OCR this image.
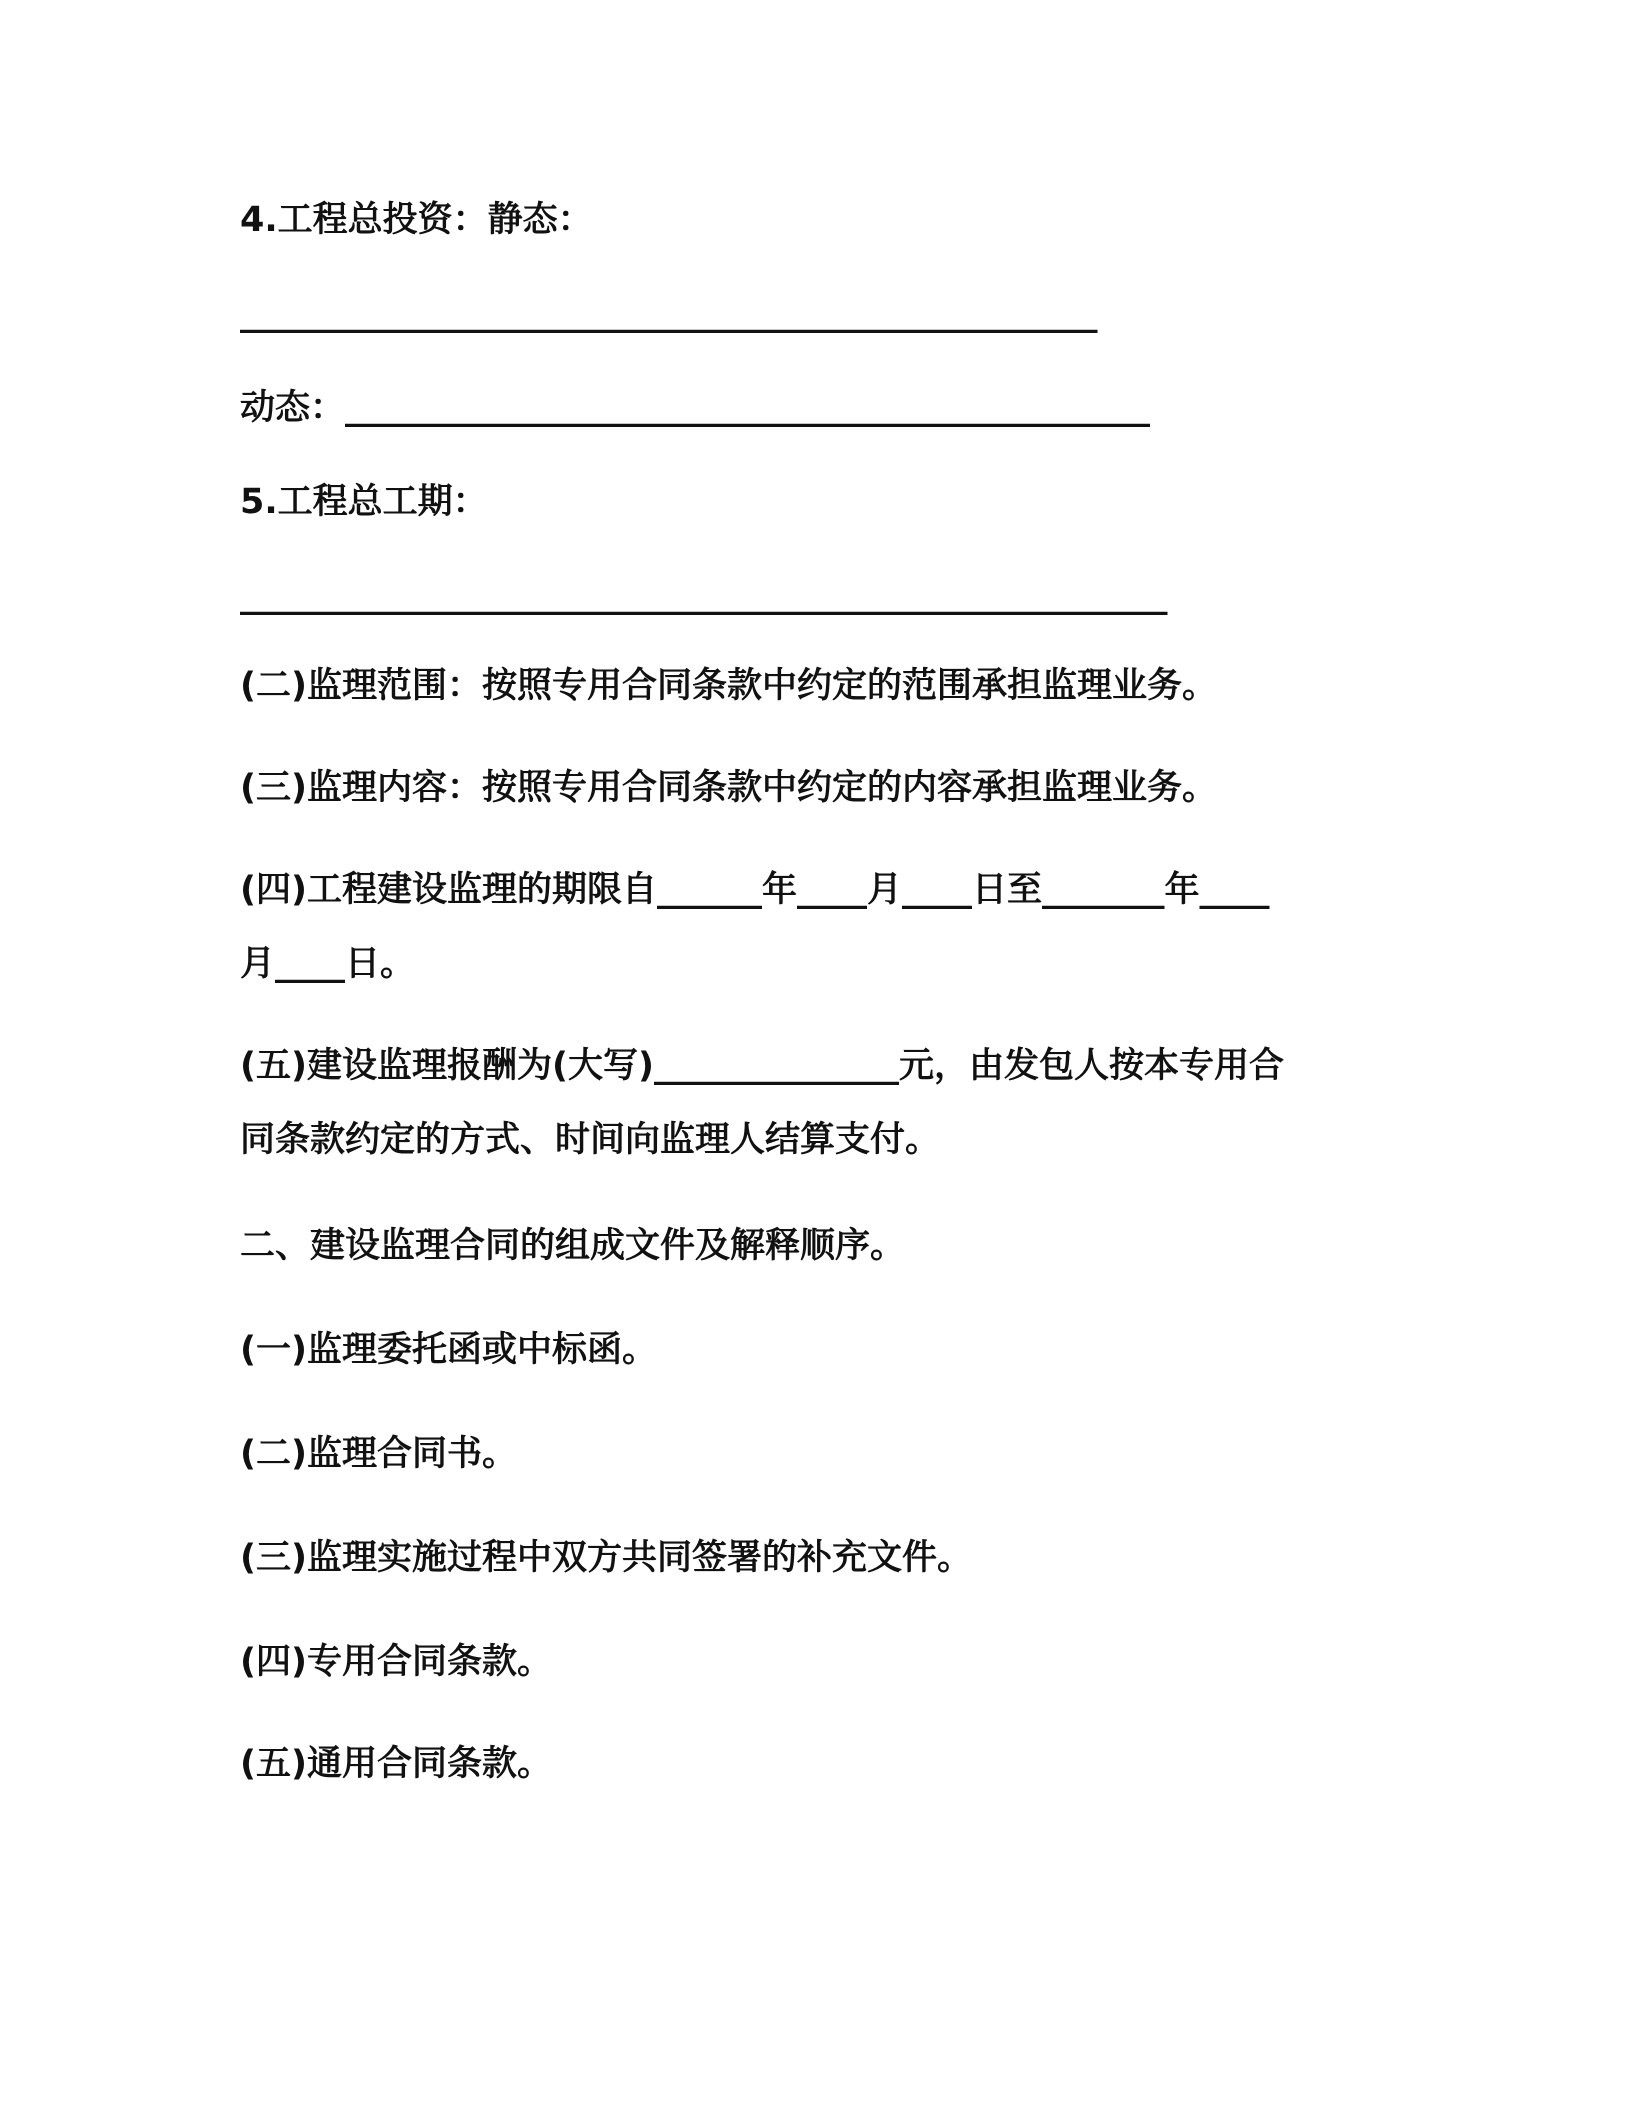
4.工程总投资：静态：

_________________________________________________

动态：______________________________________________

5.工程总工期：

_____________________________________________________

(二)监理范围：按照专用合同条款中约定的范围承担监理业务。

(三)监理内容：按照专用合同条款中约定的内容承担监理业务。

(四)工程建设监理的期限自______年____月____日至_______年____

月____日。

(五)建设监理报酬为(大写)______________元，由发包人按本专用合

同条款约定的方式、时间向监理人结算支付。

二、建设监理合同的组成文件及解释顺序。

(一)监理委托函或中标函。

(二)监理合同书。

(三)监理实施过程中双方共同签署的补充文件。

(四)专用合同条款。

(五)通用合同条款。
